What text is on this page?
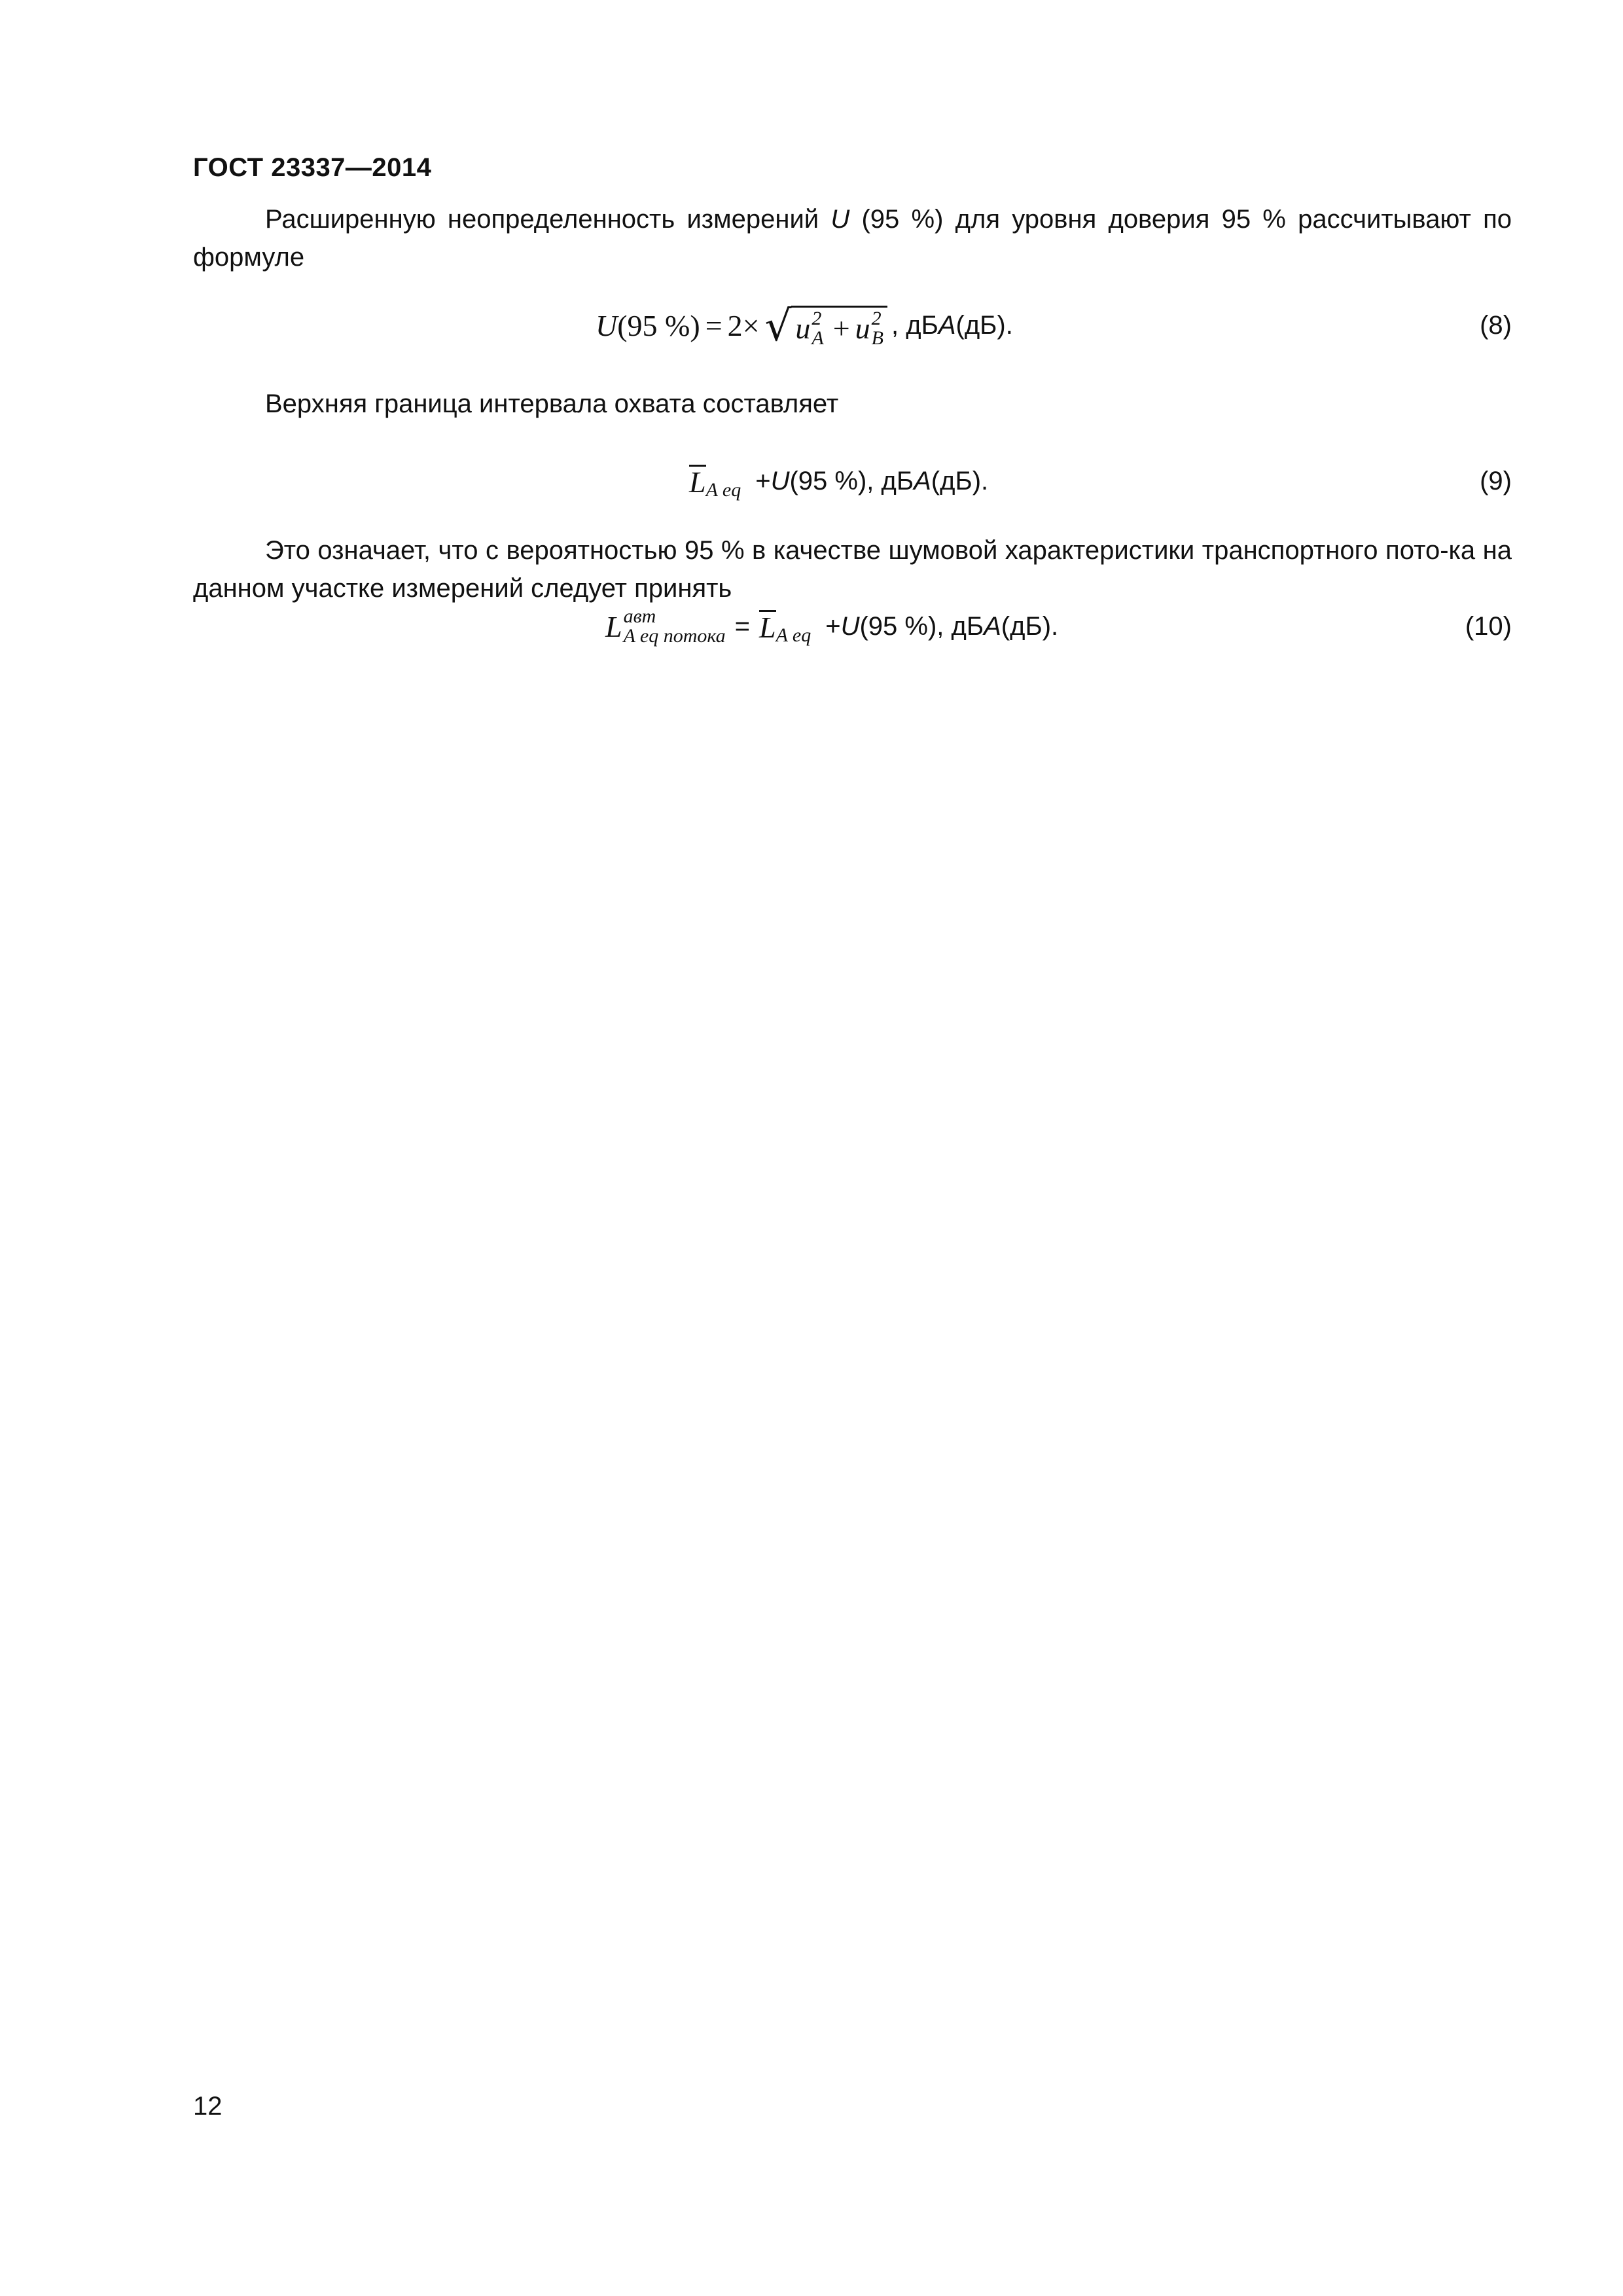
ГОСТ 23337—2014
Расширенную неопределенность измерений U (95 %) для уровня доверия 95 % рассчитывают по формуле
U (95 %) = 2 × √ u 2
A + u 2
B , дБ А (дБ).	(8)
Верхняя граница интервала охвата составляет
L A eq + U (95 %), дБ А (дБ).	(9)
Это означает, что с вероятностью 95 % в качестве шумовой характеристики транспортного пото-ка на данном участке измерений следует принять
L авт
A eq потока = L A eq + U (95 %), дБ А (дБ).	(10)
12
